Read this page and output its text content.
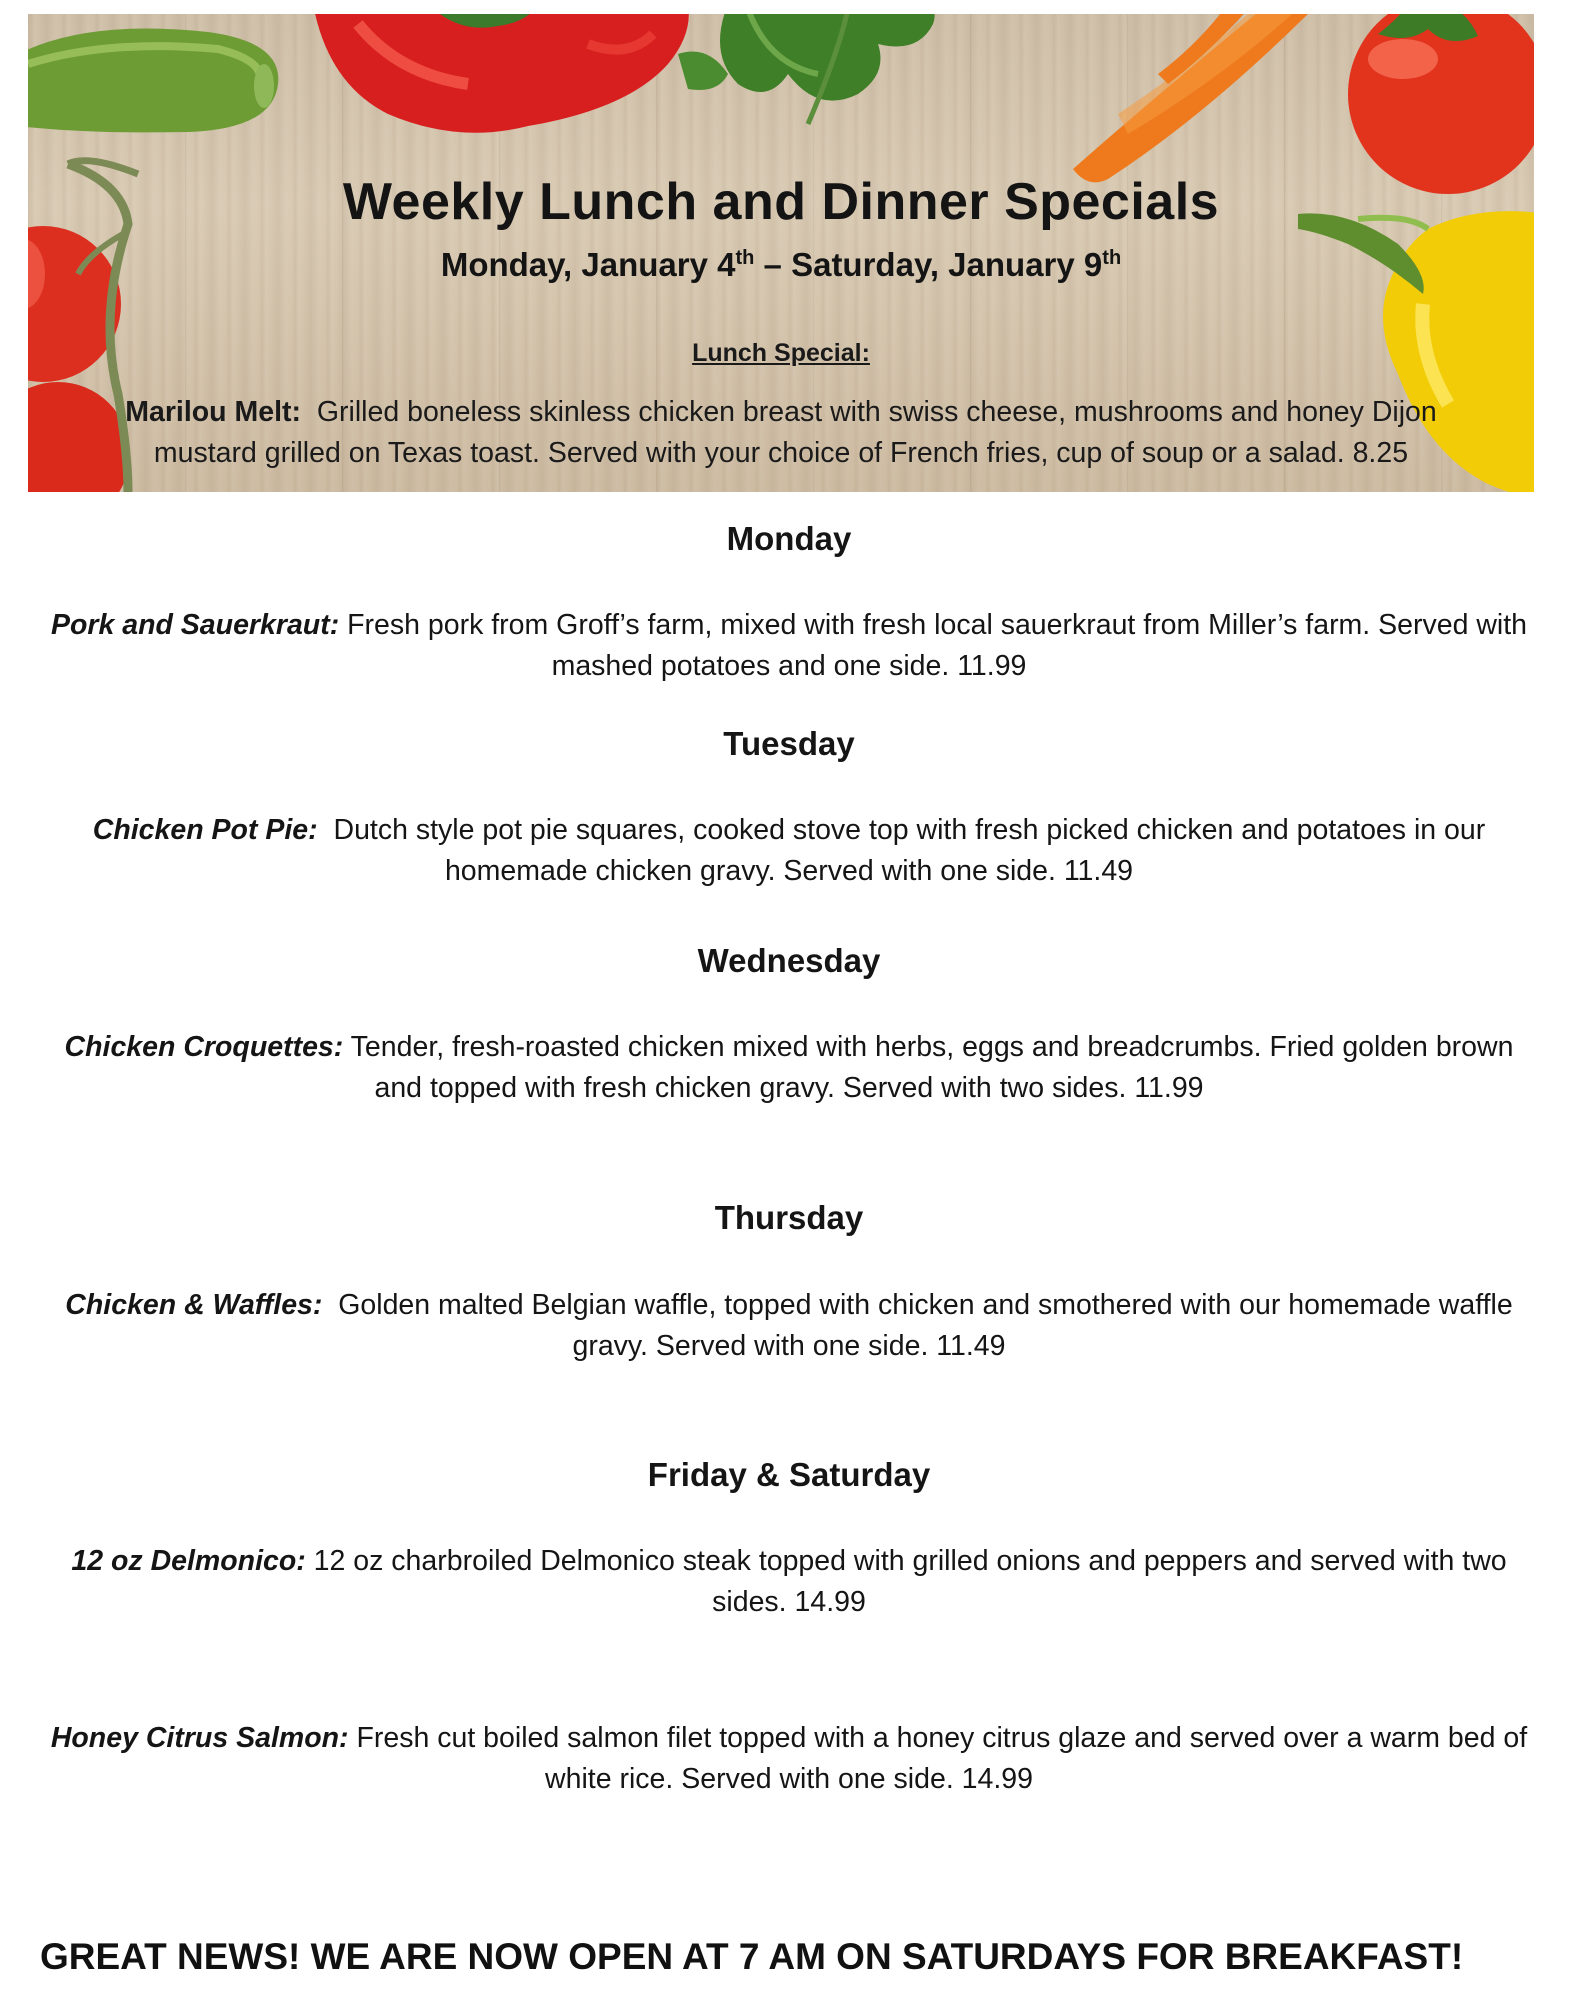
Weekly Lunch and Dinner Specials
Monday, January 4th – Saturday, January 9th
Lunch Special:
Marilou Melt: Grilled boneless skinless chicken breast with swiss cheese, mushrooms and honey Dijon mustard grilled on Texas toast. Served with your choice of French fries, cup of soup or a salad. 8.25
Monday
Pork and Sauerkraut: Fresh pork from Groff’s farm, mixed with fresh local sauerkraut from Miller’s farm. Served with mashed potatoes and one side. 11.99
Tuesday
Chicken Pot Pie: Dutch style pot pie squares, cooked stove top with fresh picked chicken and potatoes in our homemade chicken gravy. Served with one side. 11.49
Wednesday
Chicken Croquettes: Tender, fresh-roasted chicken mixed with herbs, eggs and breadcrumbs. Fried golden brown and topped with fresh chicken gravy. Served with two sides. 11.99
Thursday
Chicken & Waffles: Golden malted Belgian waffle, topped with chicken and smothered with our homemade waffle gravy. Served with one side. 11.49
Friday & Saturday
12 oz Delmonico: 12 oz charbroiled Delmonico steak topped with grilled onions and peppers and served with two sides. 14.99
Honey Citrus Salmon: Fresh cut boiled salmon filet topped with a honey citrus glaze and served over a warm bed of white rice. Served with one side. 14.99
GREAT NEWS! WE ARE NOW OPEN AT 7 AM ON SATURDAYS FOR BREAKFAST!
